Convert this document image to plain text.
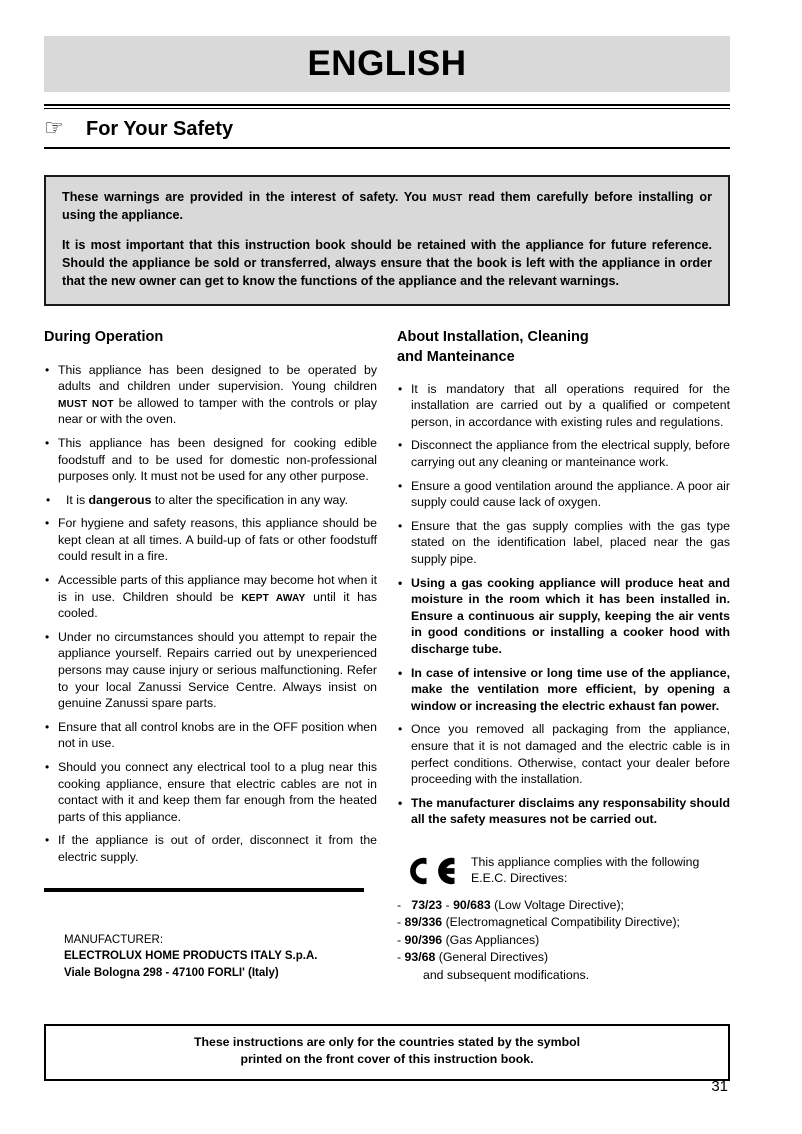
ENGLISH
☞	For Your Safety

These warnings are provided in the interest of safety. You MUST read them carefully before installing or using the appliance.

It is most important that this instruction book should be retained with the appliance for future reference. Should the appliance be sold or transferred, always ensure that the book is left with the appliance in order that the new owner can get to know the functions of the appliance and the relevant warnings.

During Operation
• This appliance has been designed to be operated by adults and children under supervision. Young children MUST NOT be allowed to tamper with the controls or play near or with the oven.
• This appliance has been designed for cooking edible foodstuff and to be used for domestic non-professional purposes only. It must not be used for any other purpose.
• It is dangerous to alter the specification in any way.
• For hygiene and safety reasons, this appliance should be kept clean at all times. A build-up of fats or other foodstuff could result in a fire.
• Accessible parts of this appliance may become hot when it is in use. Children should be KEPT AWAY until it has cooled.
• Under no circumstances should you attempt to repair the appliance yourself. Repairs carried out by unexperienced persons may cause injury or serious malfunctioning. Refer to your local Zanussi Service Centre. Always insist on genuine Zanussi spare parts.
• Ensure that all control knobs are in the OFF position when not in use.
• Should you connect any electrical tool to a plug near this cooking appliance, ensure that electric cables are not in contact with it and keep them far enough from the heated parts of this appliance.
• If the appliance is out of order, disconnect it from the electric supply.
MANUFACTURER:
ELECTROLUX HOME PRODUCTS ITALY S.p.A.
Viale Bologna 298 - 47100 FORLI' (Italy)
About Installation, Cleaning
and Manteinance
• It is mandatory that all operations required for the installation are carried out by a qualified or competent person, in accordance with existing rules and regulations.
• Disconnect the appliance from the electrical supply, before carrying out any cleaning or manteinance work.
• Ensure a good ventilation around the appliance. A poor air supply could cause lack of oxygen.
• Ensure that the gas supply complies with the gas type stated on the identification label, placed near the gas supply pipe.
• Using a gas cooking appliance will produce heat and moisture in the room which it has been installed in. Ensure a continuous air supply, keeping the air vents in good conditions or installing a cooker hood with discharge tube.
• In case of intensive or long time use of the appliance, make the ventilation more efficient, by opening a window or increasing the electric exhaust fan power.
• Once you removed all packaging from the appliance, ensure that it is not damaged and the electric cable is in perfect conditions. Otherwise, contact your dealer before proceeding with the installation.
• The manufacturer disclaims any responsability should all the safety measures not be carried out.
This appliance complies with the following
E.E.C. Directives:
- 73/23 - 90/683 (Low Voltage Directive);
- 89/336 (Electromagnetical Compatibility Directive);
- 90/396 (Gas Appliances)
- 93/68 (General Directives)
and subsequent modifications.
These instructions are only for the countries stated by the symbol
printed on the front cover of this instruction book.
31
